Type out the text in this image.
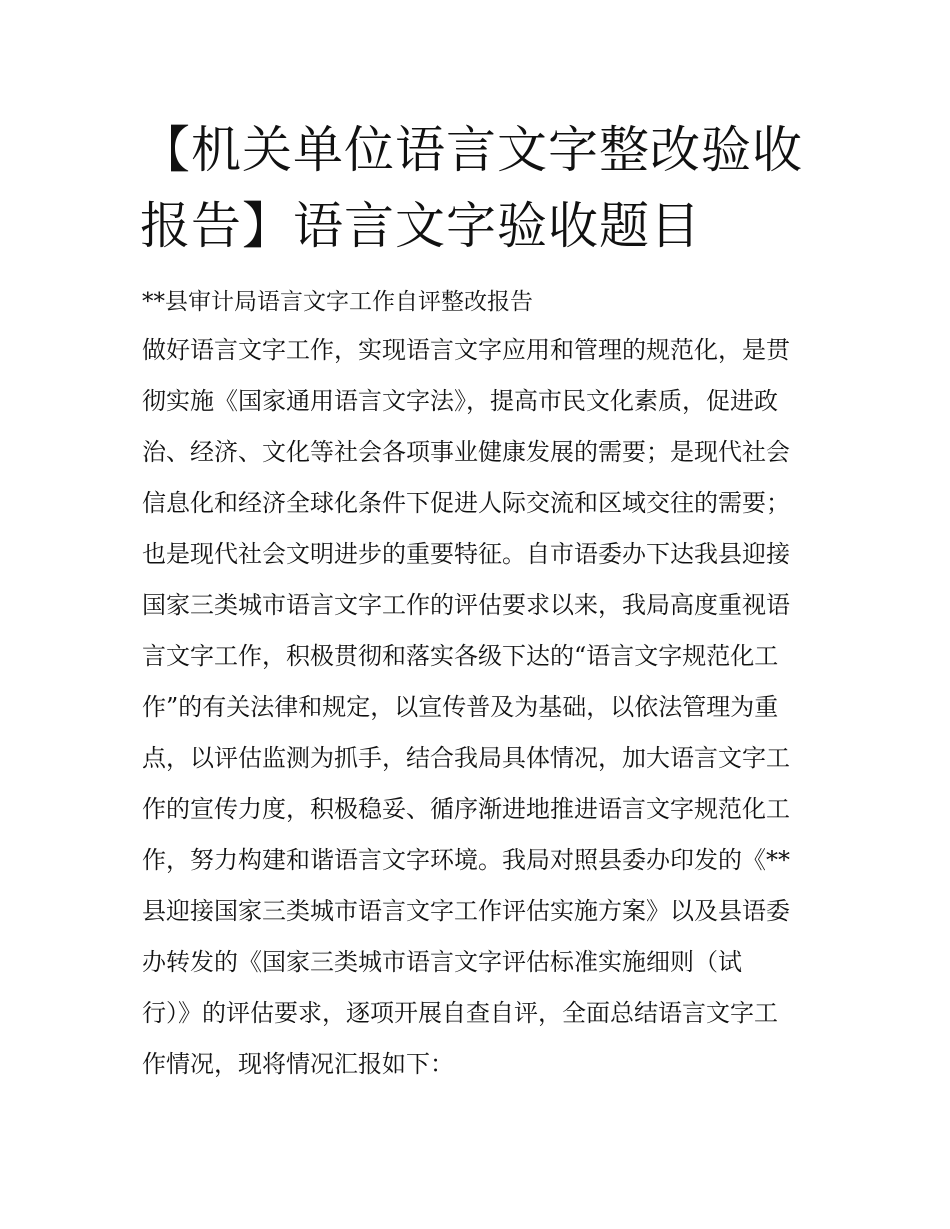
【机关单位语言文字整改验收
报告】语言文字验收题目

**县审计局语言文字工作自评整改报告

做好语言文字工作，实现语言文字应用和管理的规范化，是贯
彻实施《国家通用语言文字法》，提高市民文化素质，促进政
治、经济、文化等社会各项事业健康发展的需要；是现代社会
信息化和经济全球化条件下促进人际交流和区域交往的需要；
也是现代社会文明进步的重要特征。自市语委办下达我县迎接
国家三类城市语言文字工作的评估要求以来，我局高度重视语
言文字工作，积极贯彻和落实各级下达的“语言文字规范化工
作”的有关法律和规定，以宣传普及为基础，以依法管理为重
点，以评估监测为抓手，结合我局具体情况，加大语言文字工
作的宣传力度，积极稳妥、循序渐进地推进语言文字规范化工
作，努力构建和谐语言文字环境。我局对照县委办印发的《**
县迎接国家三类城市语言文字工作评估实施方案》以及县语委
办转发的《国家三类城市语言文字评估标准实施细则（试
行）》的评估要求，逐项开展自查自评，全面总结语言文字工
作情况，现将情况汇报如下：
